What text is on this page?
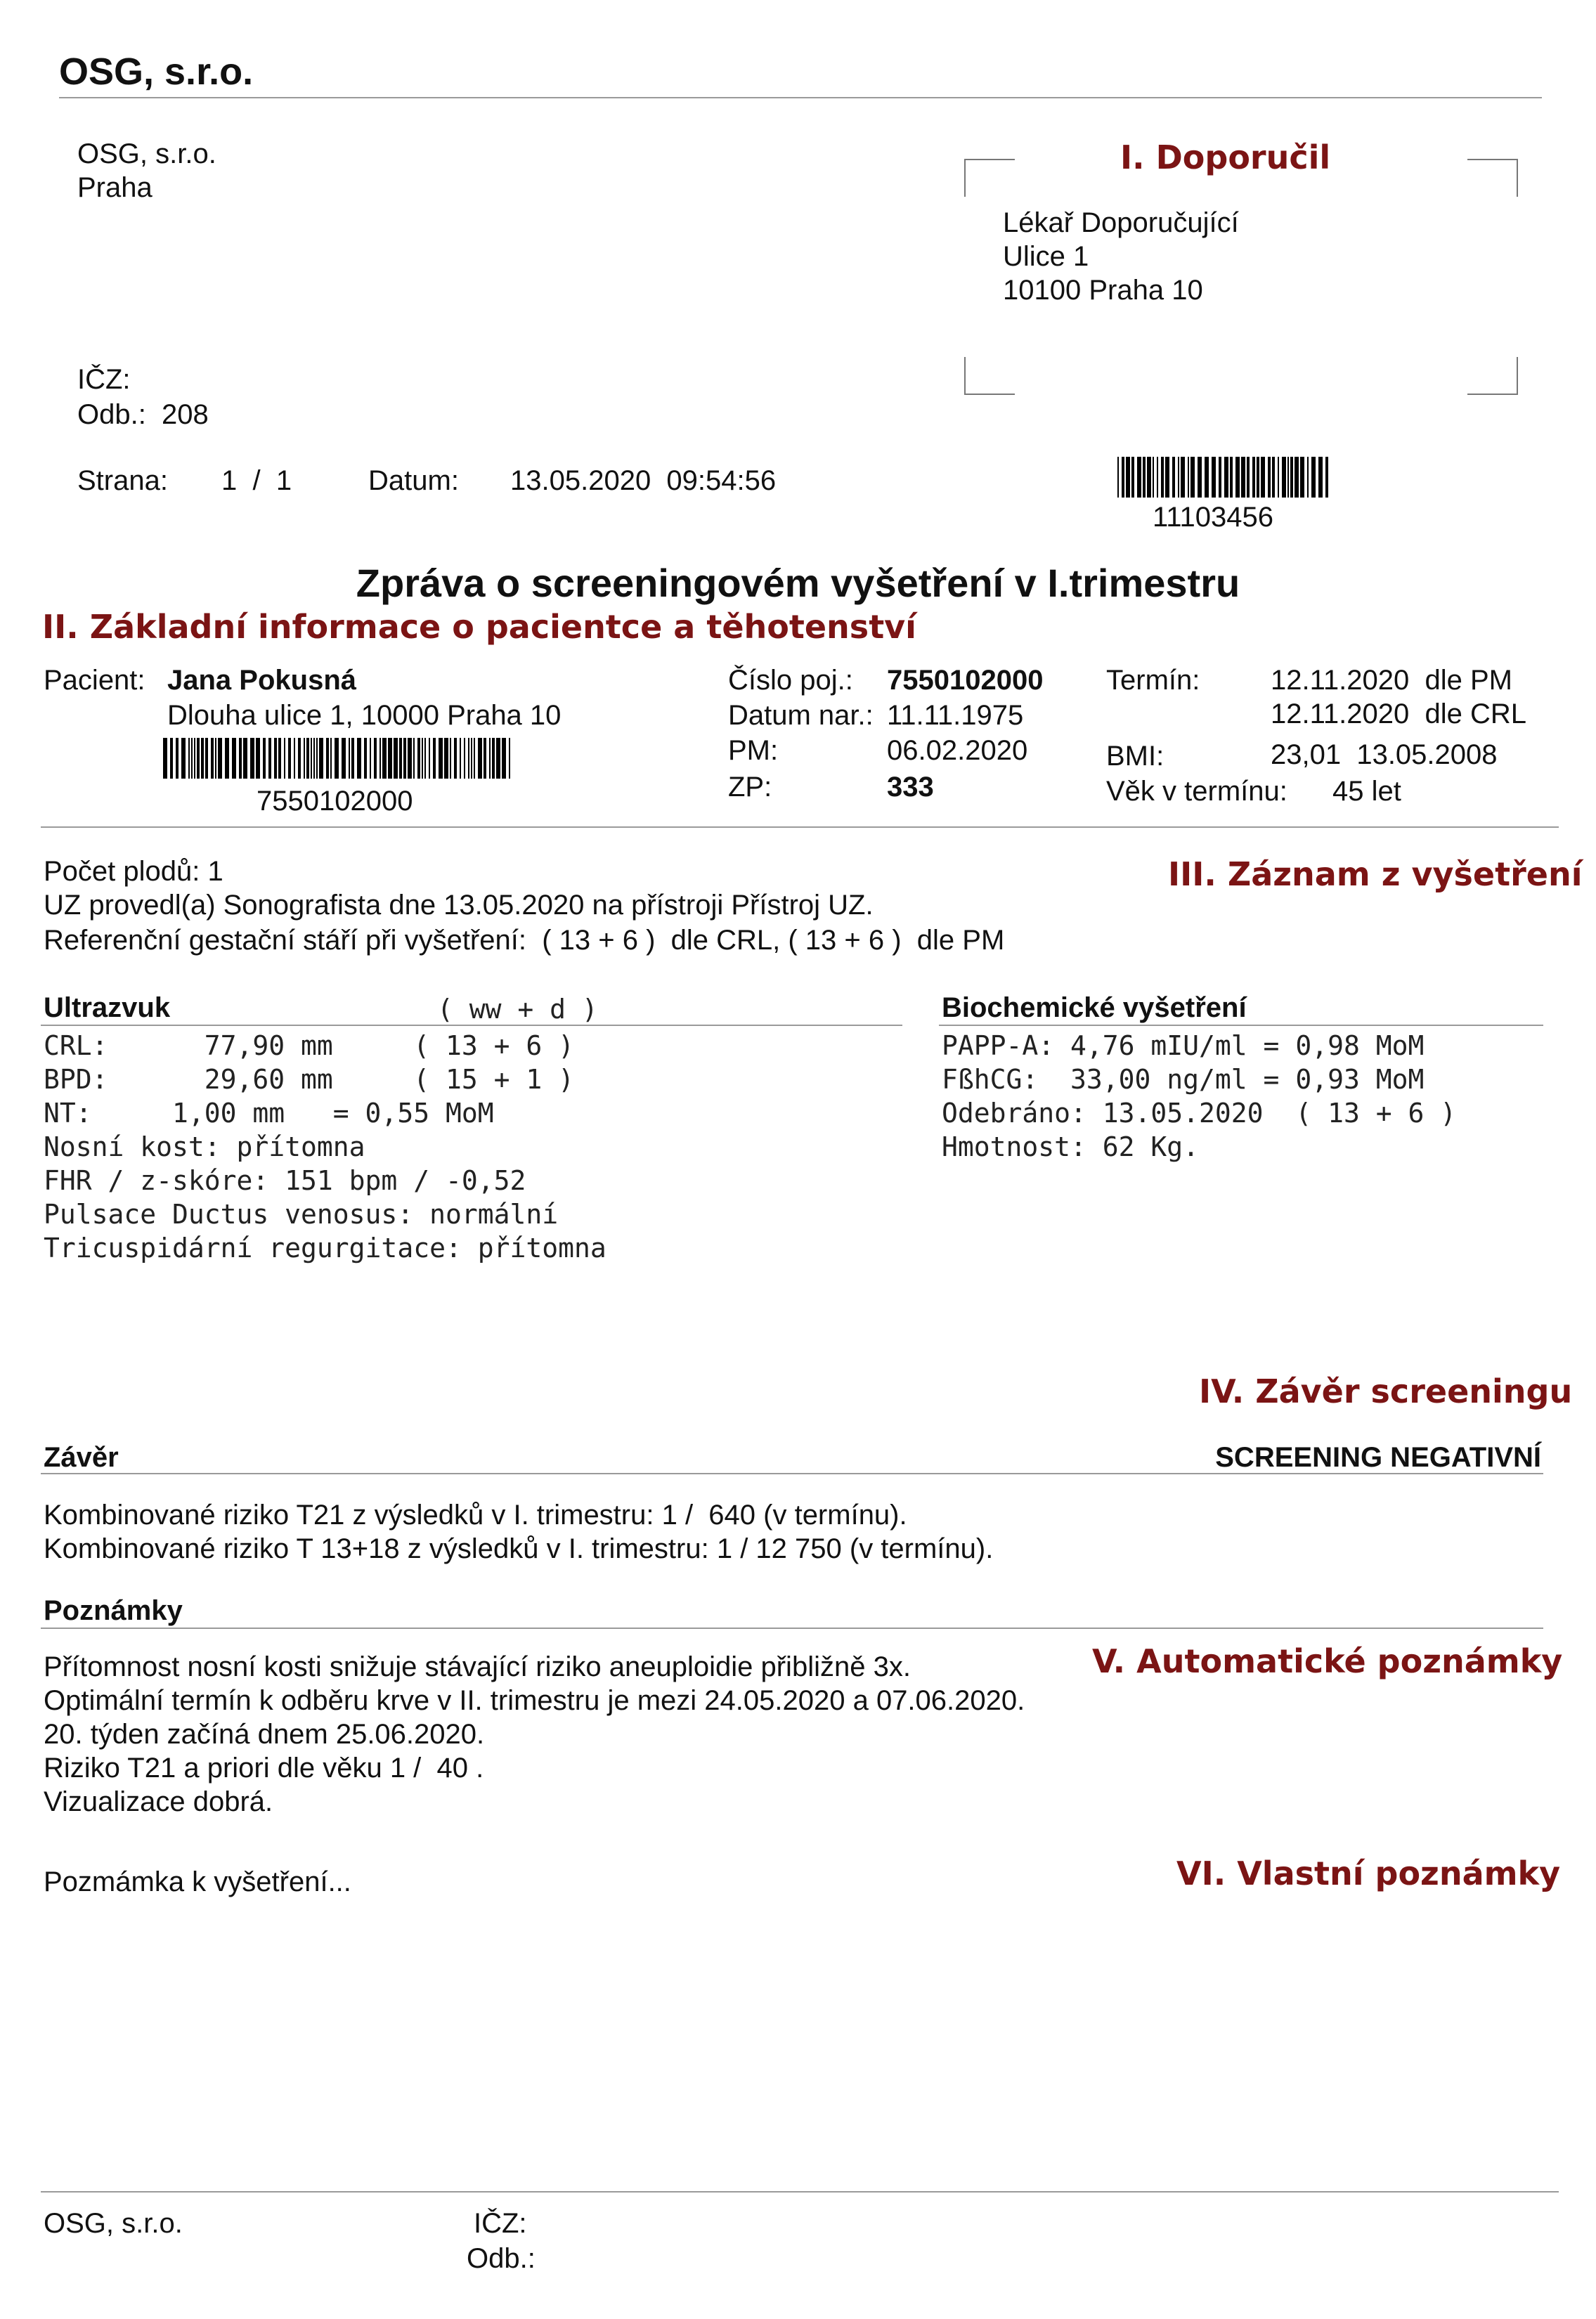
OSG, s.r.o.
OSG, s.r.o.
Praha
I. Doporučil
Lékař Doporučující
Ulice 1
10100 Praha 10
IČZ:
Odb.: 208
Strana: 1  /  1	Datum: 13.05.2020  09:54:56
11103456
Zpráva o screeningovém vyšetření v I.trimestru
II. Základní informace o pacientce a těhotenství
Pacient: Jana Pokusná
Dlouha ulice 1, 10000 Praha 10
7550102000
Číslo poj.: 7550102000
Datum nar.: 11.11.1975
PM:	06.02.2020
ZP:	333
Termín:	12.11.2020  dle PM
12.11.2020  dle CRL
BMI:	23,01  13.05.2008
Věk v termínu: 45 let
Počet plodů: 1	III. Záznam z vyšetření
UZ provedl(a) Sonografista dne 13.05.2020 na přístroji Přístroj UZ.
Referenční gestační stáří při vyšetření:  ( 13 + 6 )  dle CRL, ( 13 + 6 )  dle PM
Ultrazvuk	( ww + d )
CRL:      77,90 mm     ( 13 + 6 )
BPD:      29,60 mm     ( 15 + 1 )
NT:     1,00 mm   = 0,55 MoM
Nosní kost: přítomna
FHR / z-skóre: 151 bpm / -0,52
Pulsace Ductus venosus: normální
Tricuspidární regurgitace: přítomna
Biochemické vyšetření
PAPP-A: 4,76 mIU/ml = 0,98 MoM
FßhCG:  33,00 ng/ml = 0,93 MoM
Odebráno: 13.05.2020  ( 13 + 6 )
Hmotnost: 62 Kg.
IV. Závěr screeningu
Závěr	SCREENING NEGATIVNÍ
Kombinované riziko T21 z výsledků v I. trimestru: 1 /  640 (v termínu).
Kombinované riziko T 13+18 z výsledků v I. trimestru: 1 / 12 750 (v termínu).
Poznámky
V. Automatické poznámky
Přítomnost nosní kosti snižuje stávající riziko aneuploidie přibližně 3x.
Optimální termín k odběru krve v II. trimestru je mezi 24.05.2020 a 07.06.2020.
20. týden začíná dnem 25.06.2020.
Riziko T21 a priori dle věku 1 /  40 .
Vizualizace dobrá.
VI. Vlastní poznámky
Pozmámka k vyšetření...
OSG, s.r.o.	IČZ:
Odb.:
